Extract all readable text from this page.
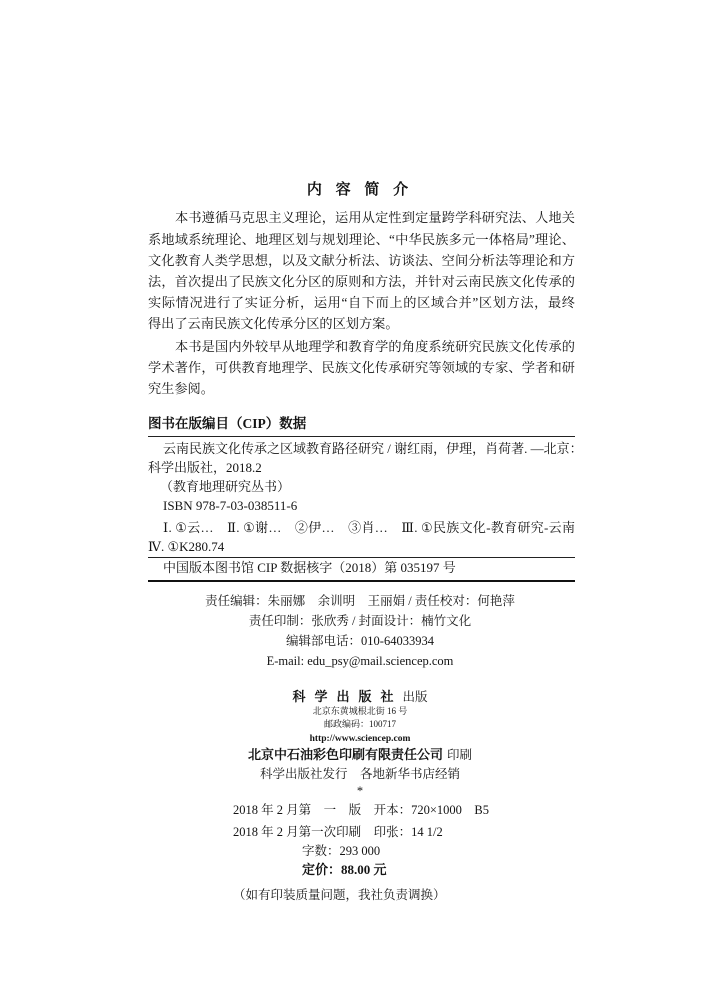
内 容 简 介
本书遵循马克思主义理论，运用从定性到定量跨学科研究法、人地关
系地域系统理论、地理区划与规划理论、“中华民族多元一体格局”理论、
文化教育人类学思想，以及文献分析法、访谈法、空间分析法等理论和方
法，首次提出了民族文化分区的原则和方法，并针对云南民族文化传承的
实际情况进行了实证分析，运用“自下而上的区域合并”区划方法，最终
得出了云南民族文化传承分区的区划方案。
本书是国内外较早从地理学和教育学的角度系统研究民族文化传承的
学术著作，可供教育地理学、民族文化传承研究等领域的专家、学者和研
究生参阅。
图书在版编目（CIP）数据
云南民族文化传承之区域教育路径研究 / 谢红雨，伊理，肖荷著. —北京：
科学出版社，2018.2
（教育地理研究丛书）
ISBN 978-7-03-038511-6
Ⅰ. ①云…　Ⅱ. ①谢…　②伊…　③肖…　Ⅲ. ①民族文化-教育研究-云南
Ⅳ. ①K280.74
中国版本图书馆 CIP 数据核字（2018）第 035197 号
责任编辑：朱丽娜　余训明　王丽娟 / 责任校对：何艳萍
责任印制：张欣秀 / 封面设计：楠竹文化
编辑部电话：010-64033934
E-mail: edu_psy@mail.sciencep.com
科学出版社出版
北京东黄城根北街 16 号
邮政编码：100717
http://www.sciencep.com
北京中石油彩色印刷有限责任公司 印刷
科学出版社发行　各地新华书店经销
*
2018 年 2 月第　一　版　开本：720×1000　B5
2018 年 2 月第一次印刷　印张：14 1/2
字数：293 000
定价：88.00 元
（如有印装质量问题，我社负责调换）
